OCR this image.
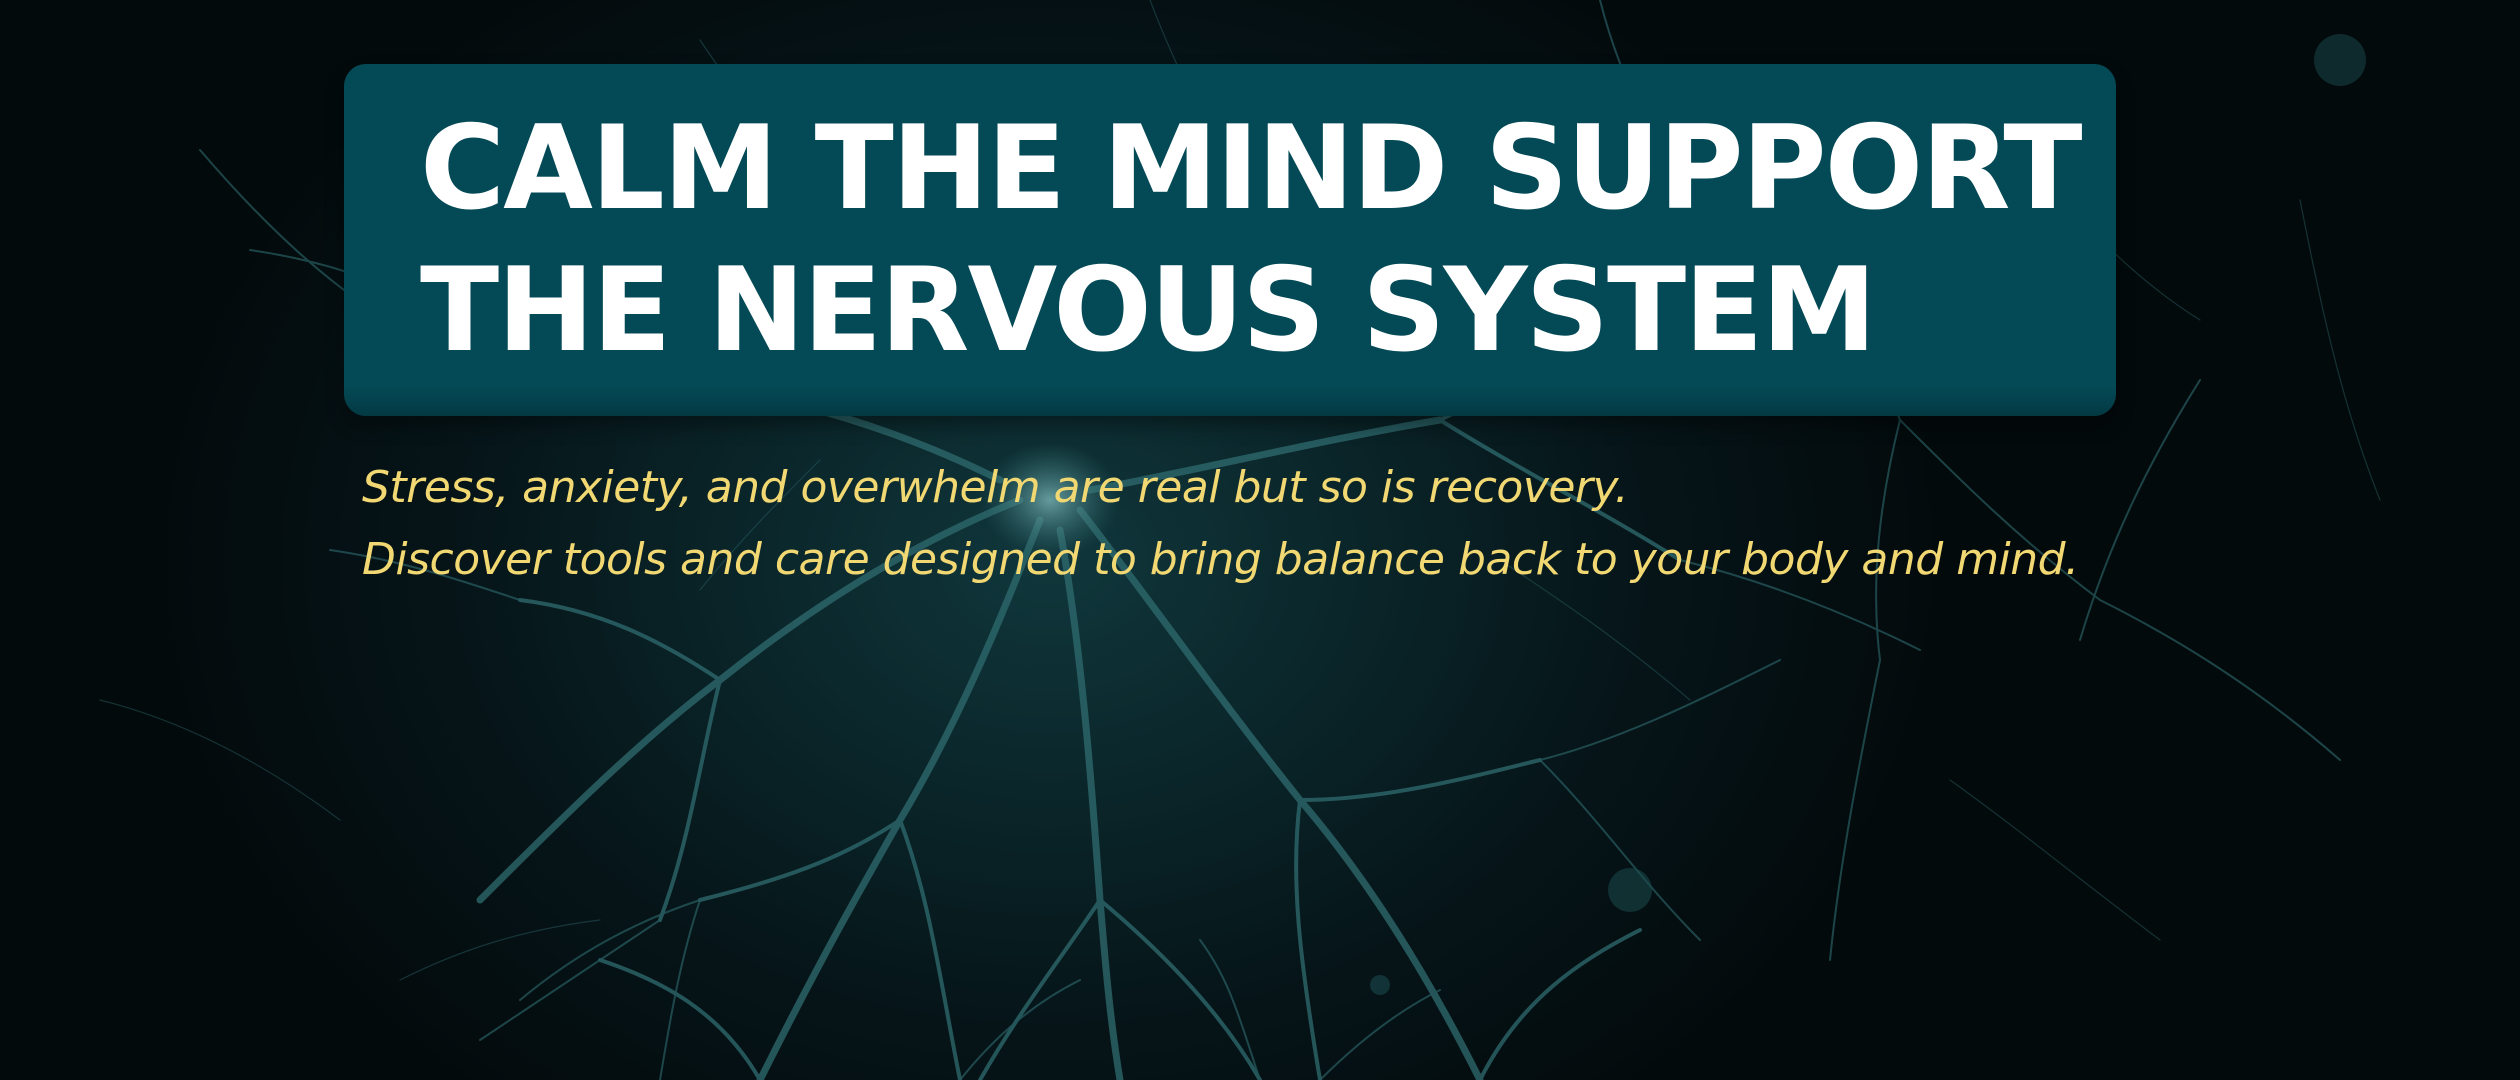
CALM THE MIND SUPPORT
THE NERVOUS SYSTEM

Stress, anxiety, and overwhelm are real but so is recovery.
Discover tools and care designed to bring balance back to your body and mind.
